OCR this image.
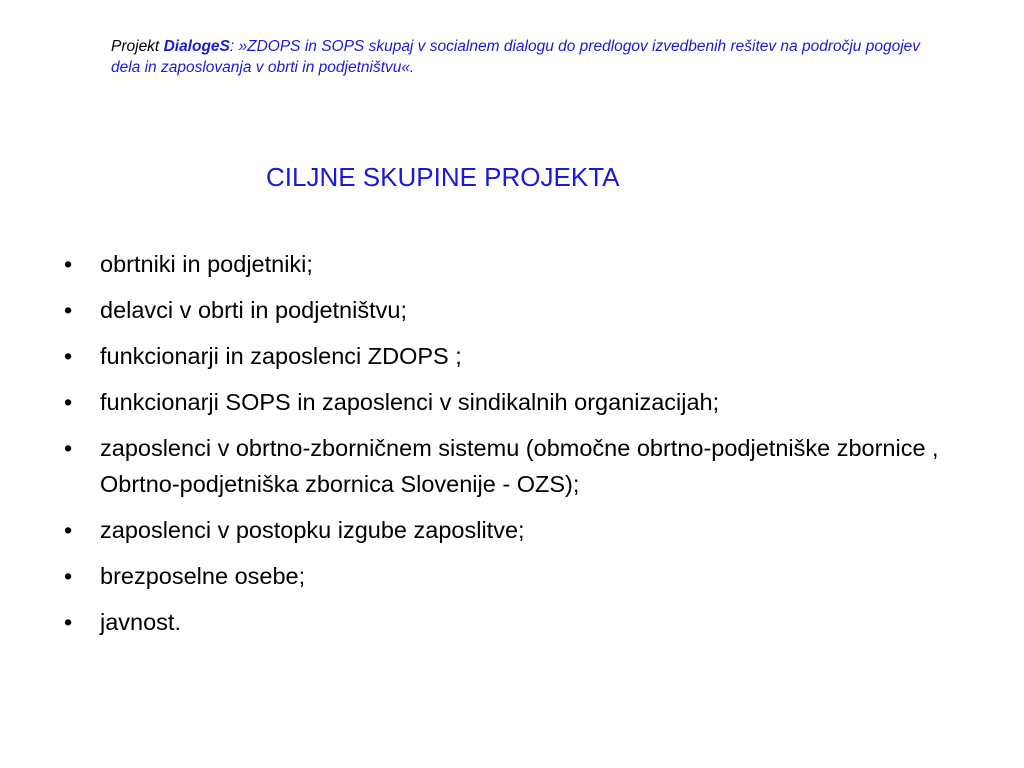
Projekt DialogeS: »ZDOPS in SOPS skupaj v socialnem dialogu do predlogov izvedbenih rešitev na področju pogojev dela in zaposlovanja v obrti in podjetništvu«.
CILJNE SKUPINE PROJEKTA
• obrtniki in podjetniki;
• delavci v obrti in podjetništvu;
• funkcionarji in zaposlenci ZDOPS ;
• funkcionarji SOPS in zaposlenci v sindikalnih organizacijah;
• zaposlenci v obrtno-zborničnem sistemu (območne obrtno-podjetniške zbornice , Obrtno-podjetniška zbornica Slovenije - OZS);
• zaposlenci v postopku izgube zaposlitve;
• brezposelne osebe;
• javnost.
